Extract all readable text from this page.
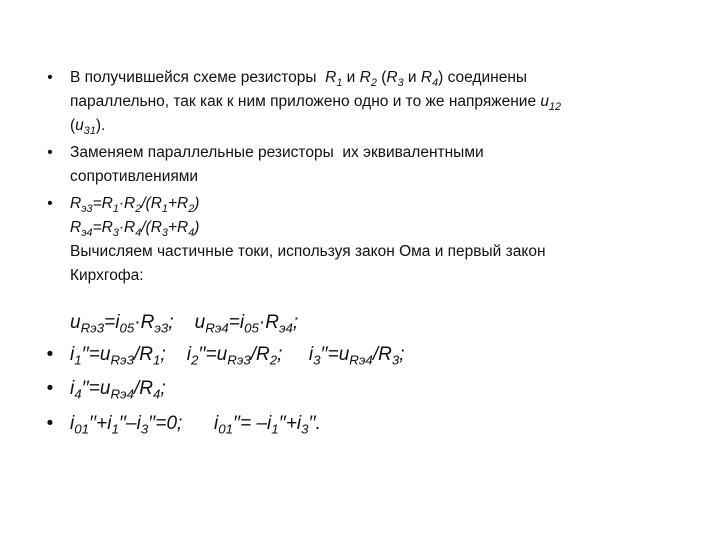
• В получившейся схеме резисторы $R_1$ и $R_2$ ($R_3$ и $R_4$) соединены
параллельно, так как к ним приложено одно и то же напряжение $u_{12}$
$(u_{31})$.
• Заменяем параллельные резисторы  их эквивалентными
сопротивлениями
• $R_{э3}=R_1\cdot R_2/(R_1+R_2)$
$R_{э4}=R_3\cdot R_4/(R_3+R_4)$
Вычисляем частичные токи, используя закон Ома и первый закон
Кирхгофа:
$u_{Rэ3}=i_{05}\cdot R_{э3}$;    $u_{Rэ4}=i_{05}\cdot R_{э4}$;
• $i_1''=u_{Rэ3}/R_1$;    $i_2''=u_{Rэ3}/R_2$;     $i_3''=u_{Rэ4}/R_3$;
• $i_4''=u_{Rэ4}/R_4$;
• $i_{01}''+i_1''-i_3''=0$;      $i_{01}''= -i_1''+i_3''$.
